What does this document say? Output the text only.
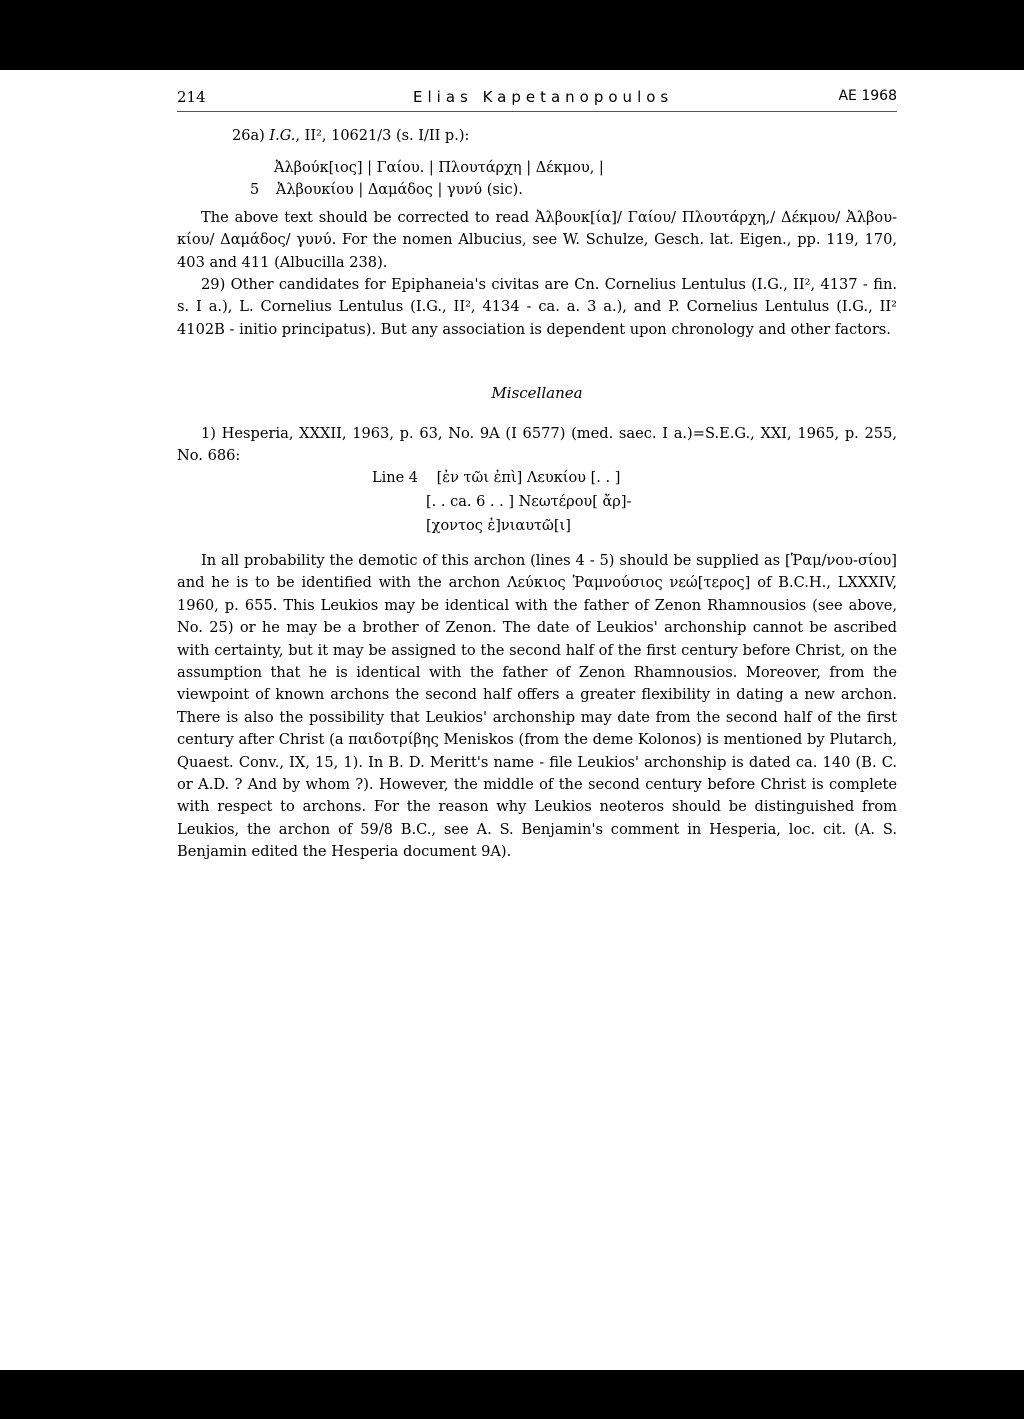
214	Elias Kapetanopoulos	AE 1968
26a) I.G., II², 10621/3 (s. I/II p.):
Ἀλβούκ[ιος] | Γαίου. | Πλουτάρχη | Δέκμου, |
5 Ἀλβουκίου | Δαμάδος | γυνύ (sic).

The above text should be corrected to read Ἀλβουκ[ία]/ Γαίου/ Πλουτάρχη,/ Δέκμου/ Ἀλβου-κίου/ Δαμάδος/ γυνύ. For the nomen Albucius, see W. Schulze, Gesch. lat. Eigen., pp. 119, 170, 403 and 411 (Albucilla 238).

29) Other candidates for Epiphaneia's civitas are Cn. Cornelius Lentulus (I.G., II², 4137 - fin. s. I a.), L. Cornelius Lentulus (I.G., II², 4134 - ca. a. 3 a.), and P. Cornelius Lentulus (I.G., II² 4102B - initio principatus). But any association is dependent upon chronology and other factors.

Miscellanea

1) Hesperia, XXXII, 1963, p. 63, No. 9A (I 6577) (med. saec. I a.)=S.E.G., XXI, 1965, p. 255, No. 686:

Line 4 [ἐν τῶι ἐπὶ] Λευκίου [. . ]
[. . ca. 6 . . ] Νεωτέρου[ ἄρ]-
[χοντος ἐ]νιαυτῶ[ι]

In all probability the demotic of this archon (lines 4 - 5) should be supplied as [Ῥαμ/νου-σίου] and he is to be identified with the archon Λεύκιος Ῥαμνούσιος νεώ[τερος] of B.C.H., LXXXIV, 1960, p. 655. This Leukios may be identical with the father of Zenon Rhamnousios (see above, No. 25) or he may be a brother of Zenon. The date of Leukios' archonship cannot be ascribed with certainty, but it may be assigned to the second half of the first century before Christ, on the assumption that he is identical with the father of Zenon Rhamnousios. Moreover, from the viewpoint of known archons the second half offers a greater flexibility in dating a new archon. There is also the possibility that Leukios' archonship may date from the second half of the first century after Christ (a παιδοτρίβης Meniskos (from the deme Kolonos) is mentioned by Plutarch, Quaest. Conv., IX, 15, 1). In B. D. Meritt's name - file Leukios' archonship is dated ca. 140 (B. C. or A.D. ? And by whom ?). However, the middle of the second century before Christ is complete with respect to archons. For the reason why Leukios neoteros should be distinguished from Leukios, the archon of 59/8 B.C., see A. S. Benjamin's comment in Hesperia, loc. cit. (A. S. Benjamin edited the Hesperia document 9A).
